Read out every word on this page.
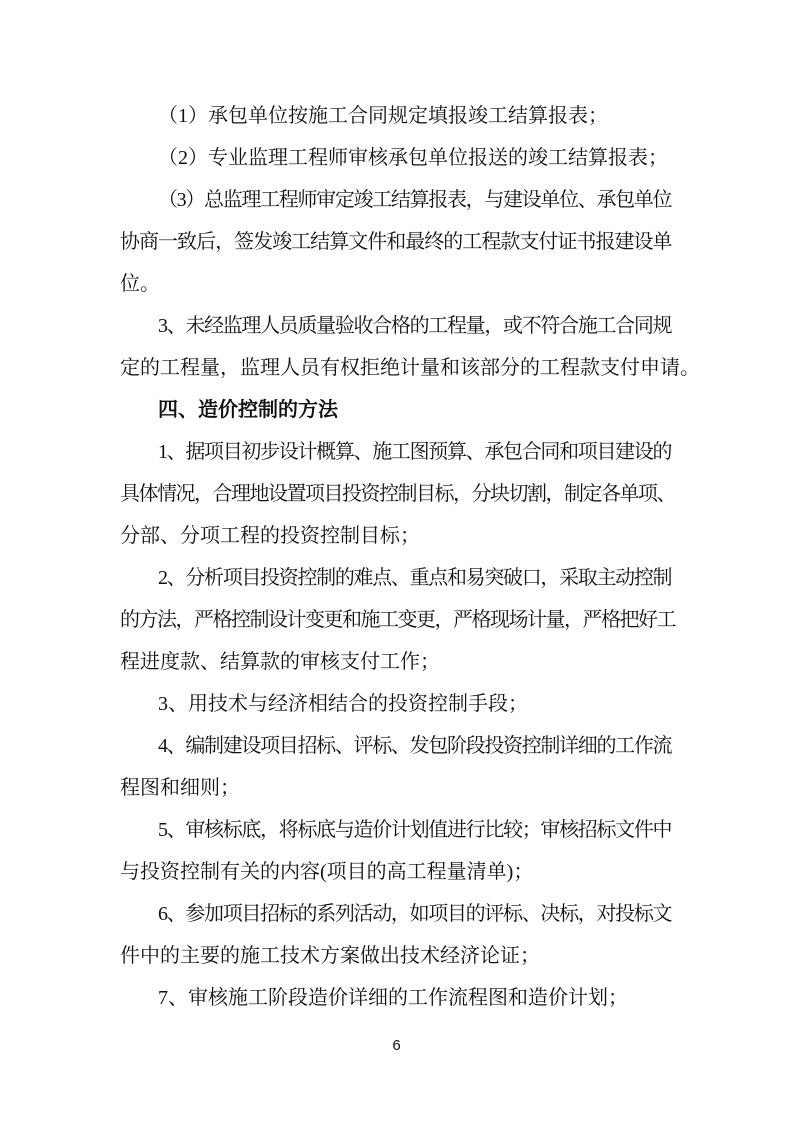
（1）承包单位按施工合同规定填报竣工结算报表；
（2）专业监理工程师审核承包单位报送的竣工结算报表；
（3）总监理工程师审定竣工结算报表，与建设单位、承包单位
协商一致后，签发竣工结算文件和最终的工程款支付证书报建设单
位。
3、未经监理人员质量验收合格的工程量，或不符合施工合同规
定的工程量，监理人员有权拒绝计量和该部分的工程款支付申请。
四、造价控制的方法
1、据项目初步设计概算、施工图预算、承包合同和项目建设的
具体情况，合理地设置项目投资控制目标，分块切割，制定各单项、
分部、分项工程的投资控制目标；
2、分析项目投资控制的难点、重点和易突破口，采取主动控制
的方法，严格控制设计变更和施工变更，严格现场计量，严格把好工
程进度款、结算款的审核支付工作；
3、用技术与经济相结合的投资控制手段；
4、编制建设项目招标、评标、发包阶段投资控制详细的工作流
程图和细则；
5、审核标底，将标底与造价计划值进行比较；审核招标文件中
与投资控制有关的内容(项目的高工程量清单)；
6、参加项目招标的系列活动，如项目的评标、决标，对投标文
件中的主要的施工技术方案做出技术经济论证；
7、审核施工阶段造价详细的工作流程图和造价计划；
6
